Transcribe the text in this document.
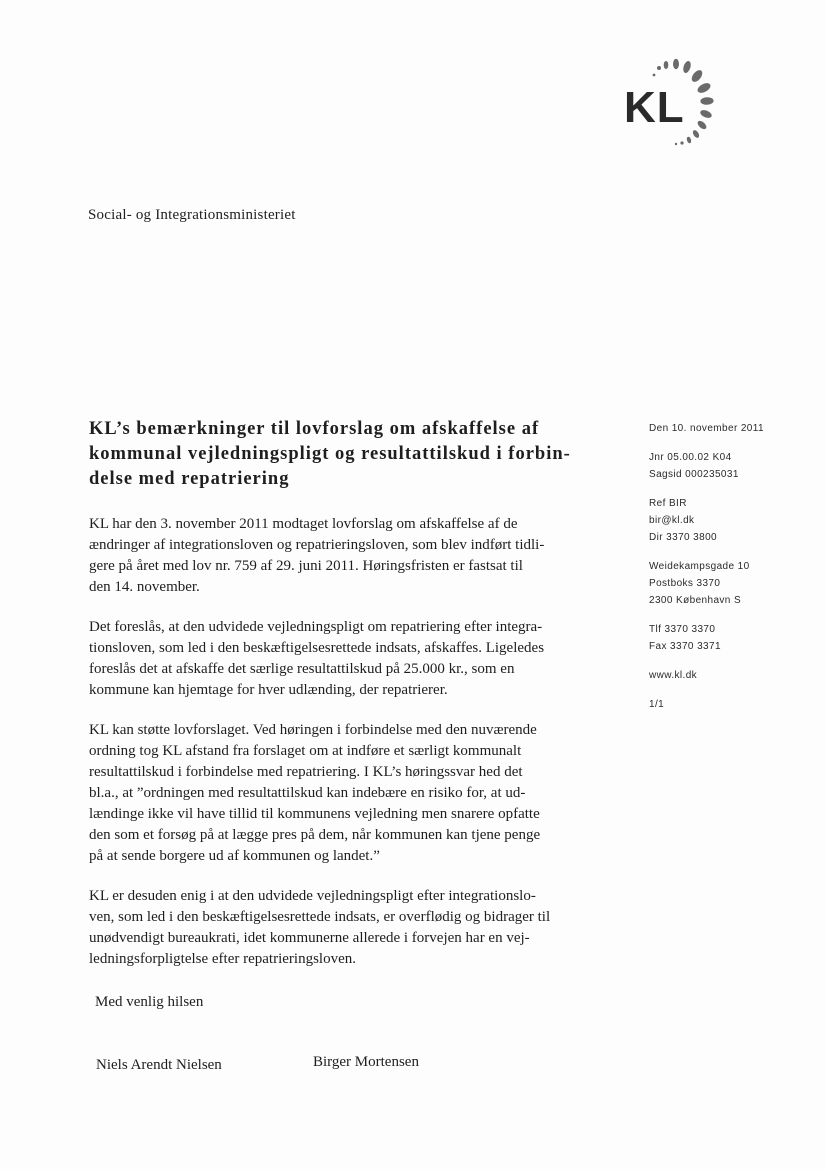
KL
Social- og Integrationsministeriet
KL’s bemærkninger til lovforslag om afskaffelse af
kommunal vejledningspligt og resultattilskud i forbin-
delse med repatriering

KL har den 3. november 2011 modtaget lovforslag om afskaffelse af de
ændringer af integrationsloven og repatrieringsloven, som blev indført tidli-
gere på året med lov nr. 759 af 29. juni 2011. Høringsfristen er fastsat til
den 14. november.

Det foreslås, at den udvidede vejledningspligt om repatriering efter integra-
tionsloven, som led i den beskæftigelsesrettede indsats, afskaffes. Ligeledes
foreslås det at afskaffe det særlige resultattilskud på 25.000 kr., som en
kommune kan hjemtage for hver udlænding, der repatrierer.

KL kan støtte lovforslaget. Ved høringen i forbindelse med den nuværende
ordning tog KL afstand fra forslaget om at indføre et særligt kommunalt
resultattilskud i forbindelse med repatriering. I KL’s høringssvar hed det
bl.a., at ”ordningen med resultattilskud kan indebære en risiko for, at ud-
lændinge ikke vil have tillid til kommunens vejledning men snarere opfatte
den som et forsøg på at lægge pres på dem, når kommunen kan tjene penge
på at sende borgere ud af kommunen og landet.”

KL er desuden enig i at den udvidede vejledningspligt efter integrationslo-
ven, som led i den beskæftigelsesrettede indsats, er overflødig og bidrager til
unødvendigt bureaukrati, idet kommunerne allerede i forvejen har en vej-
ledningsforpligtelse efter repatrieringsloven.

Med venlig hilsen
Niels Arendt Nielsen	Birger Mortensen
Den 10. november 2011
Jnr 05.00.02 K04
Sagsid 000235031
Ref BIR
bir@kl.dk
Dir 3370 3800
Weidekampsgade 10
Postboks 3370
2300 København S
Tlf 3370 3370
Fax 3370 3371
www.kl.dk
1/1
